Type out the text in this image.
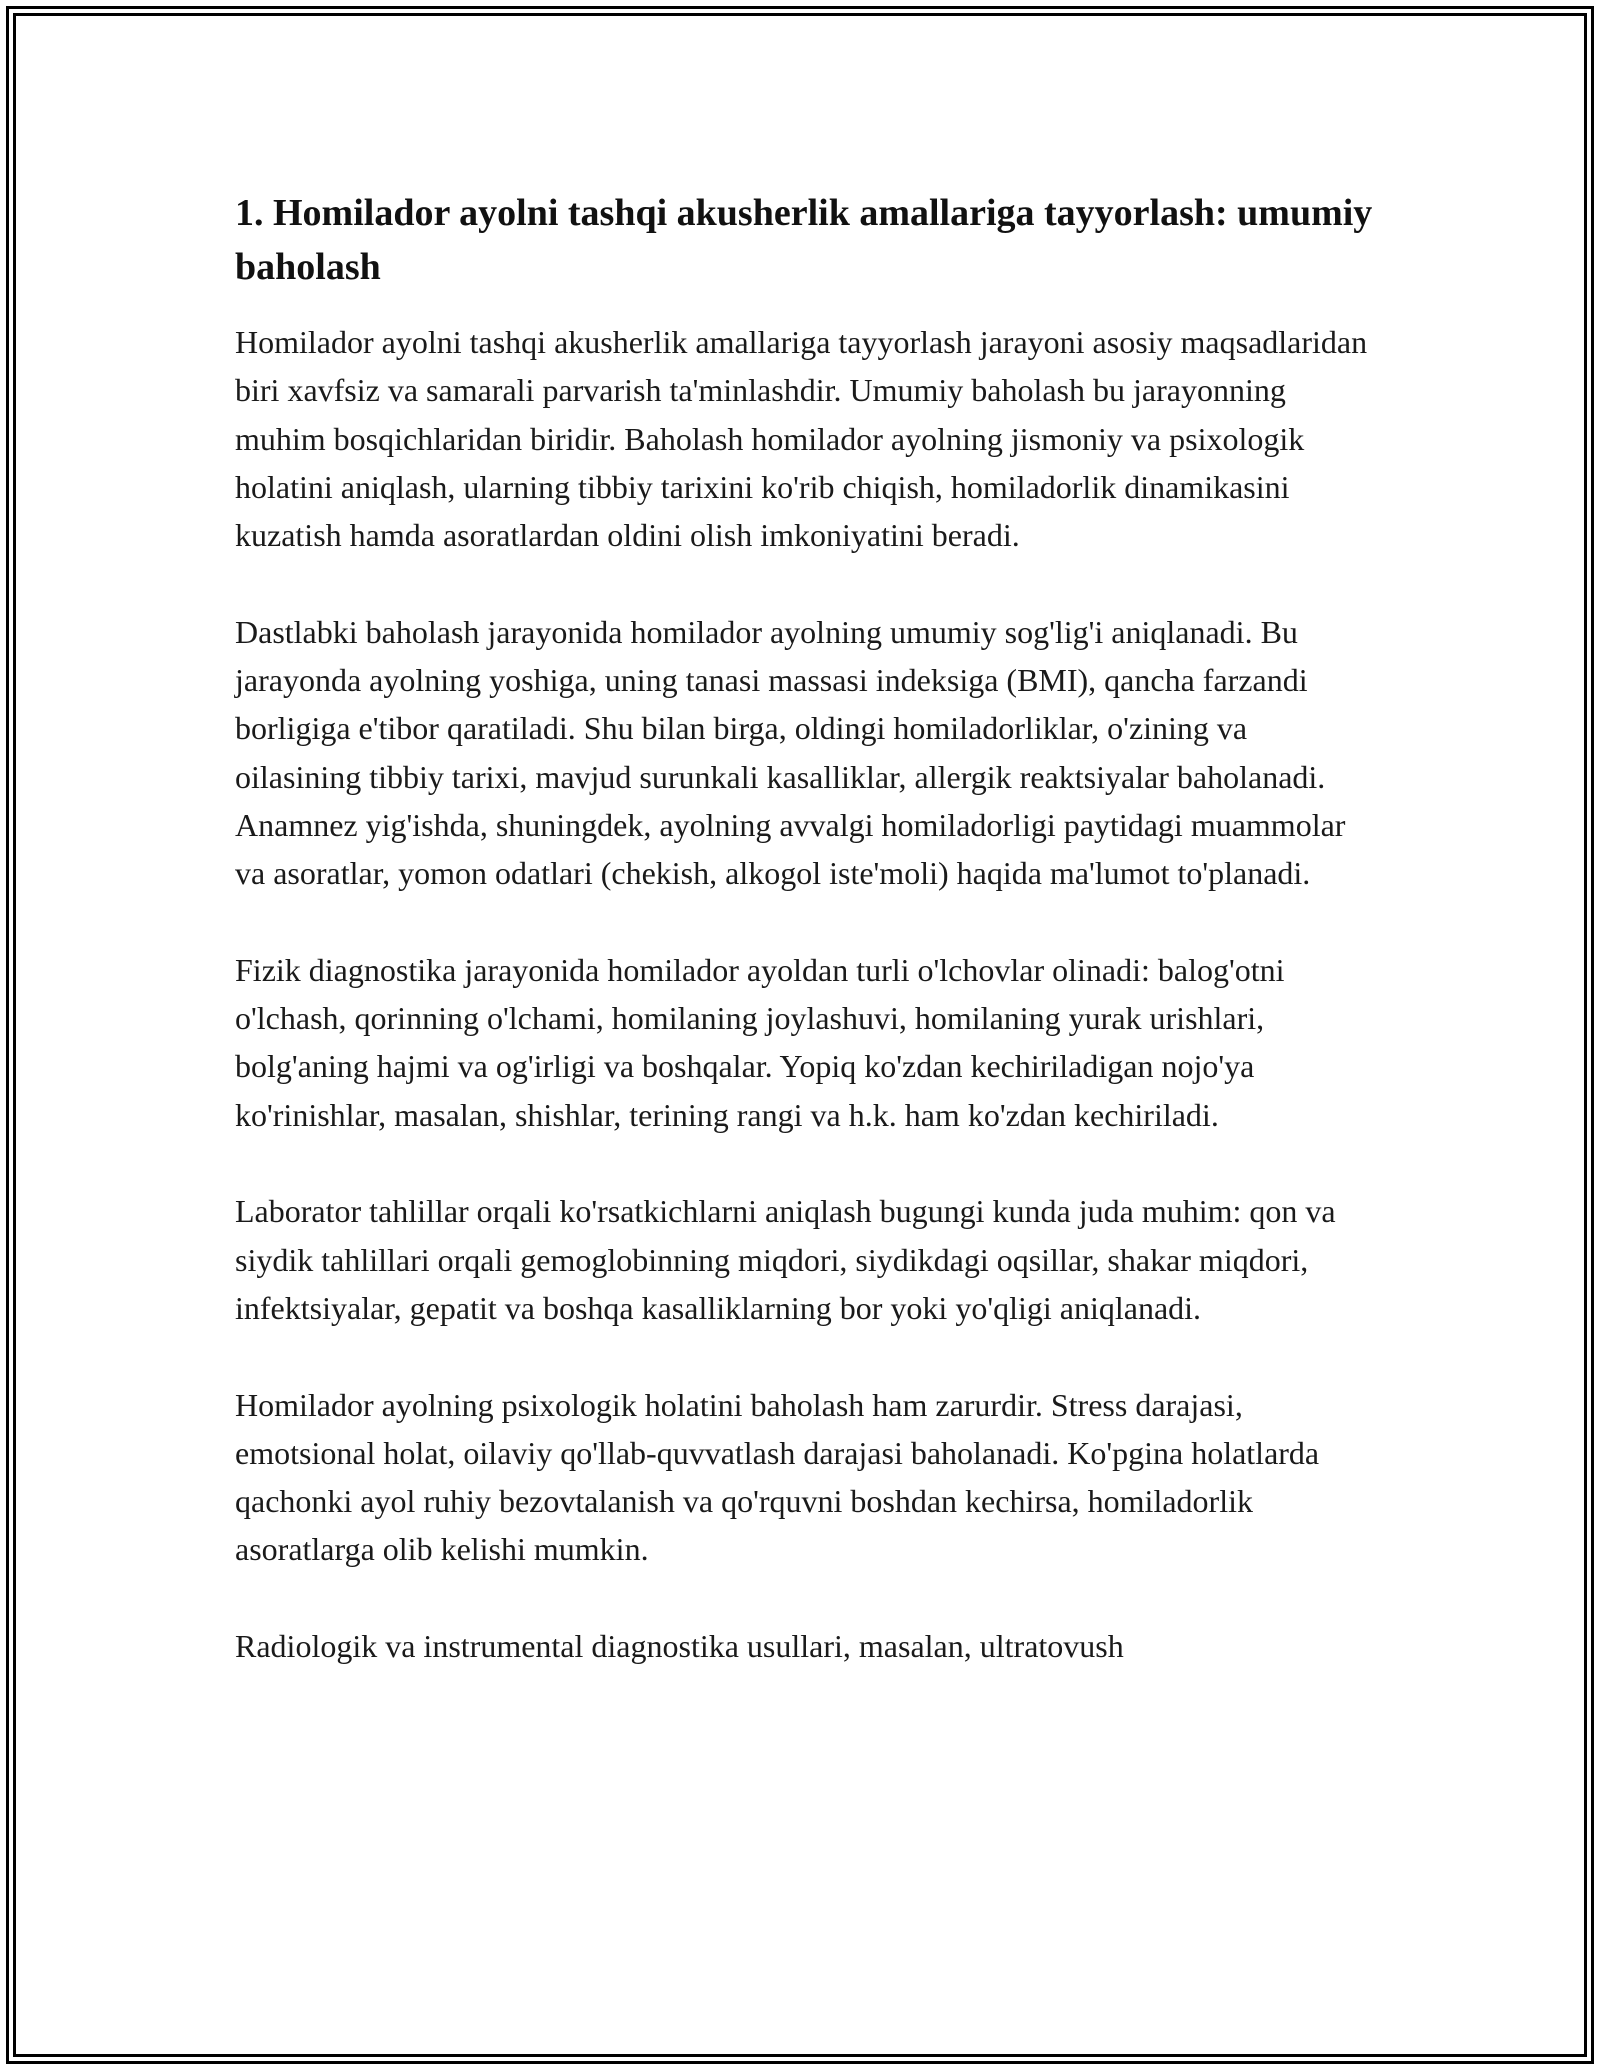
1. Homilador ayolni tashqi akusherlik amallariga tayyorlash: umumiy baholash

Homilador ayolni tashqi akusherlik amallariga tayyorlash jarayoni asosiy maqsadlaridan biri xavfsiz va samarali parvarish ta'minlashdir. Umumiy baholash bu jarayonning muhim bosqichlaridan biridir. Baholash homilador ayolning jismoniy va psixologik holatini aniqlash, ularning tibbiy tarixini ko'rib chiqish, homiladorlik dinamikasini kuzatish hamda asoratlardan oldini olish imkoniyatini beradi.

Dastlabki baholash jarayonida homilador ayolning umumiy sog'lig'i aniqlanadi. Bu jarayonda ayolning yoshiga, uning tanasi massasi indeksiga (BMI), qancha farzandi borligiga e'tibor qaratiladi. Shu bilan birga, oldingi homiladorliklar, o'zining va oilasining tibbiy tarixi, mavjud surunkali kasalliklar, allergik reaktsiyalar baholanadi. Anamnez yig'ishda, shuningdek, ayolning avvalgi homiladorligi paytidagi muammolar va asoratlar, yomon odatlari (chekish, alkogol iste'moli) haqida ma'lumot to'planadi.

Fizik diagnostika jarayonida homilador ayoldan turli o'lchovlar olinadi: balog'otni o'lchash, qorinning o'lchami, homilaning joylashuvi, homilaning yurak urishlari, bolg'aning hajmi va og'irligi va boshqalar. Yopiq ko'zdan kechiriladigan nojo'ya ko'rinishlar, masalan, shishlar, terining rangi va h.k. ham ko'zdan kechiriladi.

Laborator tahlillar orqali ko'rsatkichlarni aniqlash bugungi kunda juda muhim: qon va siydik tahlillari orqali gemoglobinning miqdori, siydikdagi oqsillar, shakar miqdori, infektsiyalar, gepatit va boshqa kasalliklarning bor yoki yo'qligi aniqlanadi.

Homilador ayolning psixologik holatini baholash ham zarurdir. Stress darajasi, emotsional holat, oilaviy qo'llab-quvvatlash darajasi baholanadi. Ko'pgina holatlarda qachonki ayol ruhiy bezovtalanish va qo'rquvni boshdan kechirsa, homiladorlik asoratlarga olib kelishi mumkin.

Radiologik va instrumental diagnostika usullari, masalan, ultratovush
